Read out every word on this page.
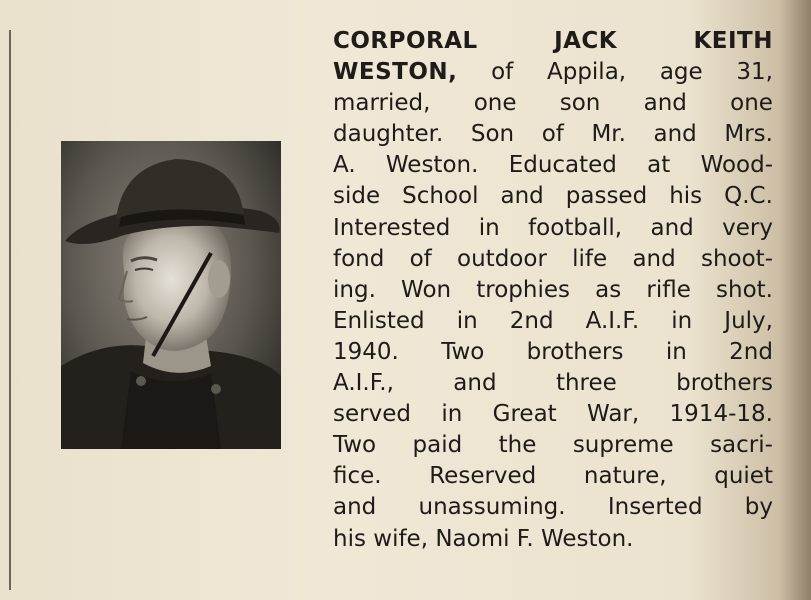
CORPORAL	JACK	KEITH
WESTON, of Appila, age 31,
married, one son and one
daughter. Son of Mr. and Mrs.
A. Weston. Educated at Wood-
side School and passed his Q.C.
Interested in football, and very
fond of outdoor life and shoot-
ing. Won trophies as rifle shot.
Enlisted in 2nd A.I.F. in July,
1940. Two brothers in 2nd
A.I.F.,	and	three	brothers
served in Great War, 1914-18.
Two paid the supreme sacri-
fice. Reserved nature, quiet
and unassuming. Inserted by
his wife, Naomi F. Weston.
